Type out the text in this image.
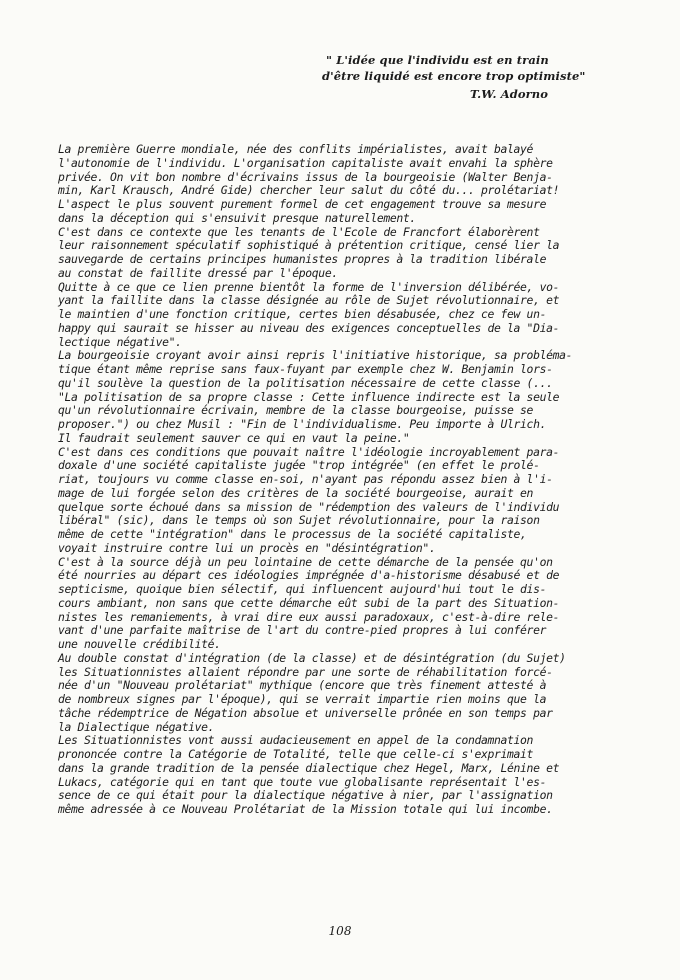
" L'idée que l'individu est en train
d'être liquidé est encore trop optimiste"
T.W. Adorno
La première Guerre mondiale, née des conflits impérialistes, avait balayé
l'autonomie de l'individu. L'organisation capitaliste avait envahi la sphère
privée. On vit bon nombre d'écrivains issus de la bourgeoisie (Walter Benja-
min, Karl Krausch, André Gide) chercher leur salut du côté du... prolétariat!
L'aspect le plus souvent purement formel de cet engagement trouve sa mesure
dans la déception qui s'ensuivit presque naturellement.
C'est dans ce contexte que les tenants de l'Ecole de Francfort élaborèrent
leur raisonnement spéculatif sophistiqué à prétention critique, censé lier la
sauvegarde de certains principes humanistes propres à la tradition libérale
au constat de faillite dressé par l'époque.
Quitte à ce que ce lien prenne bientôt la forme de l'inversion délibérée, vo-
yant la faillite dans la classe désignée au rôle de Sujet révolutionnaire, et
le maintien d'une fonction critique, certes bien désabusée, chez ce few un-
happy qui saurait se hisser au niveau des exigences conceptuelles de la "Dia-
lectique négative".
La bourgeoisie croyant avoir ainsi repris l'initiative historique, sa probléma-
tique étant même reprise sans faux-fuyant par exemple chez W. Benjamin lors-
qu'il soulève la question de la politisation nécessaire de cette classe (...
"La politisation de sa propre classe : Cette influence indirecte est la seule
qu'un révolutionnaire écrivain, membre de la classe bourgeoise, puisse se
proposer.") ou chez Musil : "Fin de l'individualisme. Peu importe à Ulrich.
Il faudrait seulement sauver ce qui en vaut la peine."
C'est dans ces conditions que pouvait naître l'idéologie incroyablement para-
doxale d'une société capitaliste jugée "trop intégrée" (en effet le prolé-
riat, toujours vu comme classe en-soi, n'ayant pas répondu assez bien à l'i-
mage de lui forgée selon des critères de la société bourgeoise, aurait en
quelque sorte échoué dans sa mission de "rédemption des valeurs de l'individu
libéral" (sic), dans le temps où son Sujet révolutionnaire, pour la raison
même de cette "intégration" dans le processus de la société capitaliste,
voyait instruire contre lui un procès en "désintégration".
C'est à la source déjà un peu lointaine de cette démarche de la pensée qu'on
été nourries au départ ces idéologies imprégnée d'a-historisme désabusé et de
septicisme, quoique bien sélectif, qui influencent aujourd'hui tout le dis-
cours ambiant, non sans que cette démarche eût subi de la part des Situation-
nistes les remaniements, à vrai dire eux aussi paradoxaux, c'est-à-dire rele-
vant d'une parfaite maîtrise de l'art du contre-pied propres à lui conférer
une nouvelle crédibilité.
Au double constat d'intégration (de la classe) et de désintégration (du Sujet)
les Situationnistes allaient répondre par une sorte de réhabilitation forcé-
née d'un "Nouveau prolétariat" mythique (encore que très finement attesté à
de nombreux signes par l'époque), qui se verrait impartie rien moins que la
tâche rédemptrice de Négation absolue et universelle prônée en son temps par
la Dialectique négative.
Les Situationnistes vont aussi audacieusement en appel de la condamnation
prononcée contre la Catégorie de Totalité, telle que celle-ci s'exprimait
dans la grande tradition de la pensée dialectique chez Hegel, Marx, Lénine et
Lukacs, catégorie qui en tant que toute vue globalisante représentait l'es-
sence de ce qui était pour la dialectique négative à nier, par l'assignation
même adressée à ce Nouveau Prolétariat de la Mission totale qui lui incombe.
108
